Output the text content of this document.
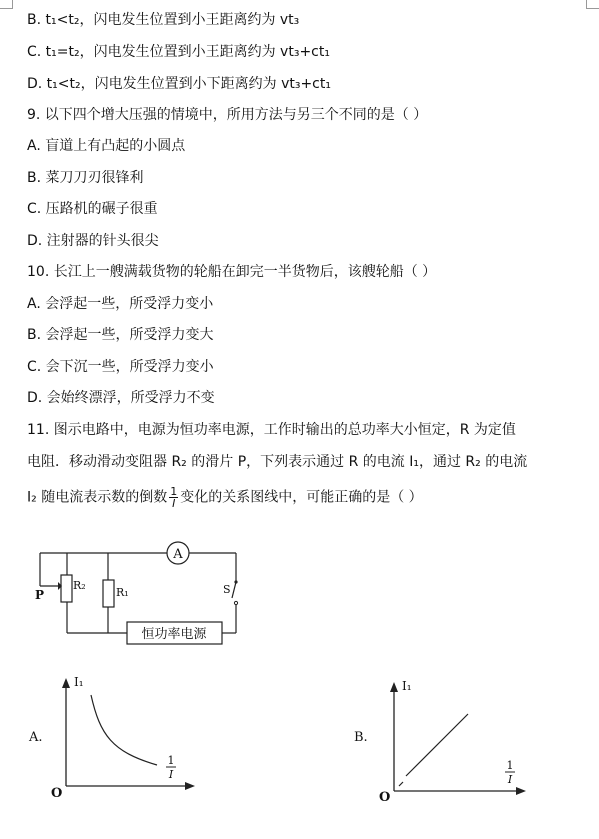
B. t₁<t₂，闪电发生位置到小王距离约为 vt₃
C. t₁=t₂，闪电发生位置到小王距离约为 vt₃+ct₁
D. t₁<t₂，闪电发生位置到小下距离约为 vt₃+ct₁
9. 以下四个增大压强的情境中，所用方法与另三个不同的是（ ）
A. 盲道上有凸起的小圆点
B. 菜刀刀刃很锋利
C. 压路机的碾子很重
D. 注射器的针头很尖
10. 长江上一艘满载货物的轮船在卸完一半货物后，该艘轮船（ ）
A. 会浮起一些，所受浮力变小
B. 会浮起一些，所受浮力变大
C. 会下沉一些，所受浮力变小
D. 会始终漂浮，所受浮力不变
11. 图示电路中，电源为恒功率电源，工作时输出的总功率大小恒定，R 为定值
电阻．移动滑动变阻器 R₂ 的滑片 P，下列表示通过 R 的电流 I₁，通过 R₂ 的电流
I₂ 随电流表示数的倒数 $\frac{1}{I}$ 变化的关系图线中，可能正确的是（ ）
A
R₂
R₁
P	S
恒功率电源
I₁
O
1
I
A.
I₁
O
1
I
B.
